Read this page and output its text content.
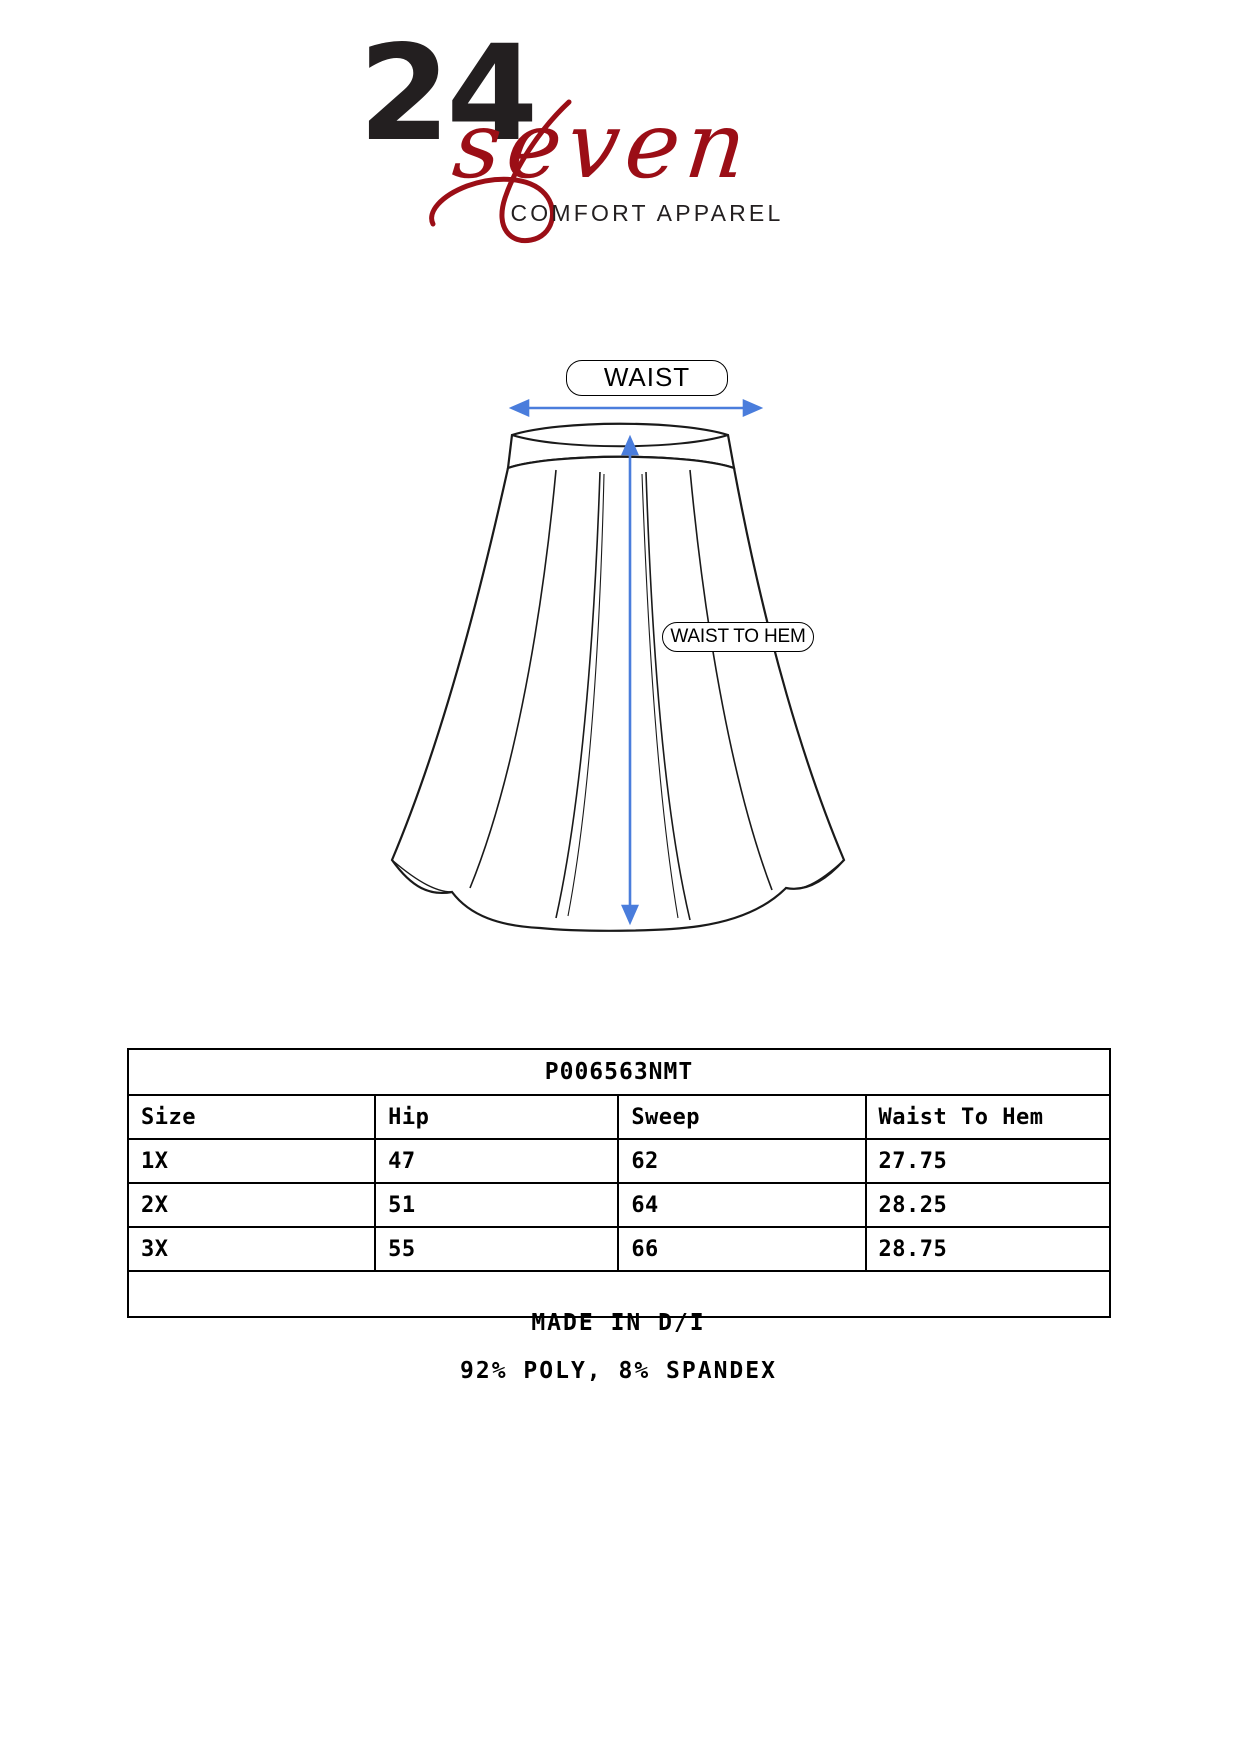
24
seven
COMFORT APPAREL
WAIST
WAIST TO HEM
P006563NMT			
Size	Hip	Sweep	Waist To Hem
1X	47	62	27.75
2X	51	64	28.25
3X	55	66	28.75

MADE IN D/I
92% POLY, 8% SPANDEX
